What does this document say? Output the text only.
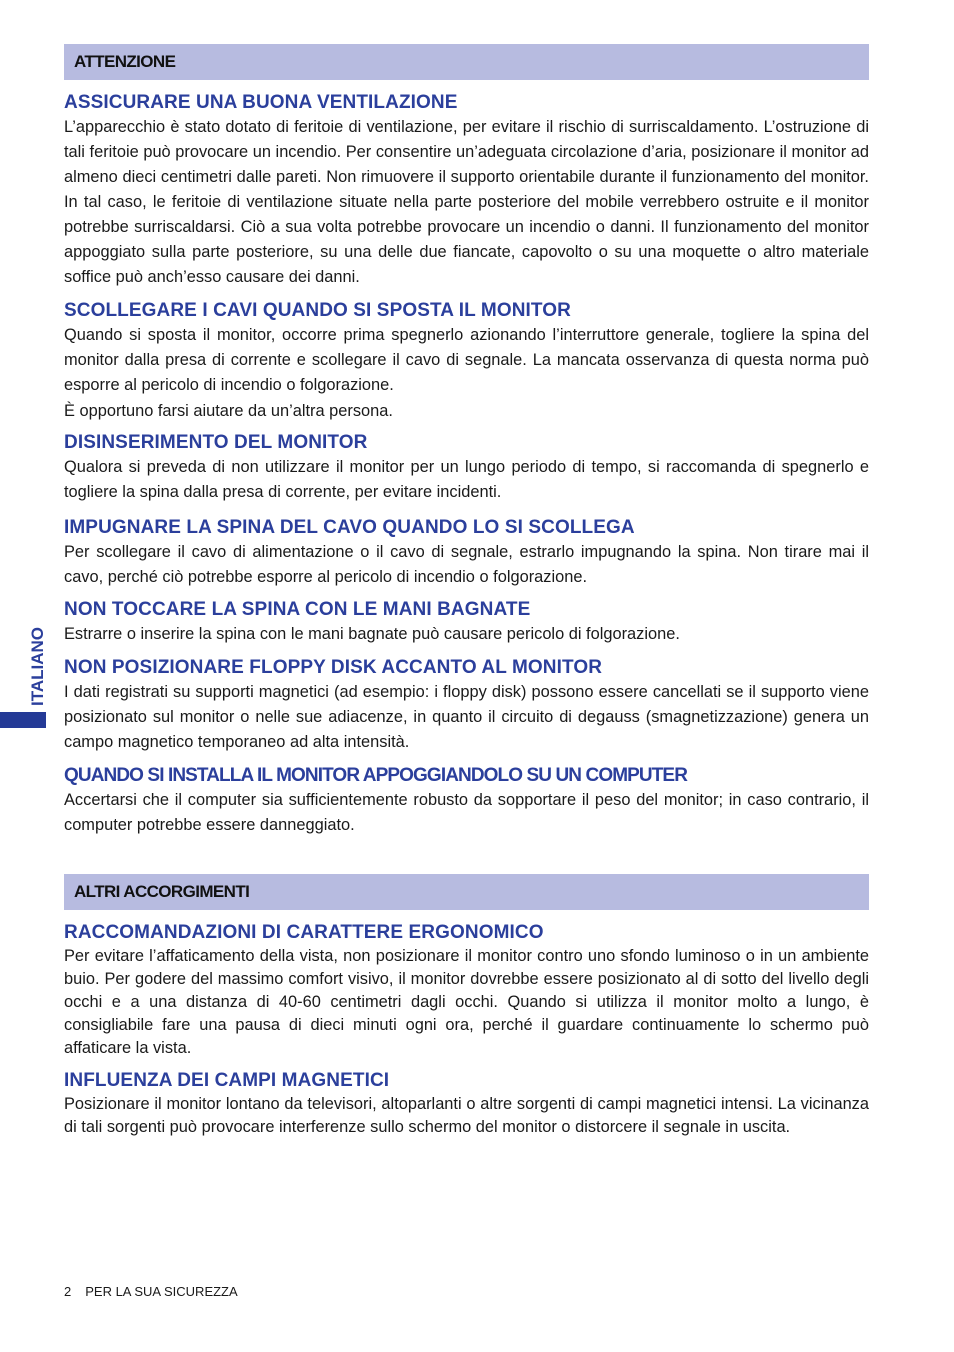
ITALIANO
ATTENZIONE
ASSICURARE UNA BUONA VENTILAZIONE

L’apparecchio è stato dotato di feritoie di ventilazione, per evitare il rischio di surriscaldamento. L’ostruzione di tali feritoie può provocare un incendio. Per consentire un’adeguata circolazione d’aria, posizionare il monitor ad almeno dieci centimetri dalle pareti. Non rimuovere il supporto orientabile durante il funzionamento del monitor. In tal caso, le feritoie di ventilazione situate nella parte posteriore del mobile verrebbero ostruite e il monitor potrebbe surriscaldarsi. Ciò a sua volta potrebbe provocare un incendio o danni. Il funzionamento del monitor appoggiato sulla parte posteriore, su una delle due fiancate, capovolto o su una moquette o altro materiale soffice può anch’esso causare dei danni.

SCOLLEGARE I CAVI QUANDO SI SPOSTA IL MONITOR

Quando si sposta il monitor, occorre prima spegnerlo azionando l’interruttore generale, togliere la spina del monitor dalla presa di corrente e scollegare il cavo di segnale. La mancata osservanza di questa norma può esporre al pericolo di incendio o folgorazione.

È opportuno farsi aiutare da un’altra persona.

DISINSERIMENTO DEL MONITOR

Qualora si preveda di non utilizzare il monitor per un lungo periodo di tempo, si raccomanda di spegnerlo e togliere la spina dalla presa di corrente, per evitare incidenti.

IMPUGNARE LA SPINA DEL CAVO QUANDO LO SI SCOLLEGA

Per scollegare il cavo di alimentazione o il cavo di segnale, estrarlo impugnando la spina. Non tirare mai il cavo, perché ciò potrebbe esporre al pericolo di incendio o folgorazione.

NON TOCCARE LA SPINA CON LE MANI BAGNATE

Estrarre o inserire la spina con le mani bagnate può causare pericolo di folgorazione.

NON POSIZIONARE FLOPPY DISK ACCANTO AL MONITOR

I dati registrati su supporti magnetici (ad esempio: i floppy disk) possono essere cancellati se il supporto viene posizionato sul monitor o nelle sue adiacenze, in quanto il circuito di degauss (smagnetizzazione) genera un campo magnetico temporaneo ad alta intensità.

QUANDO SI INSTALLA IL MONITOR APPOGGIANDOLO SU UN COMPUTER

Accertarsi che il computer sia sufficientemente robusto da sopportare il peso del monitor; in caso contrario, il computer potrebbe essere danneggiato.

ALTRI ACCORGIMENTI
RACCOMANDAZIONI DI CARATTERE ERGONOMICO

Per evitare l’affaticamento della vista, non posizionare il monitor contro uno sfondo luminoso o in un ambiente buio. Per godere del massimo comfort visivo, il monitor dovrebbe essere posizionato al di sotto del livello degli occhi e a una distanza di 40-60 centimetri dagli occhi. Quando si utilizza il monitor molto a lungo, è consigliabile fare una pausa di dieci minuti ogni ora, perché il guardare continuamente lo schermo può affaticare la vista.

INFLUENZA DEI CAMPI MAGNETICI

Posizionare il monitor lontano da televisori, altoparlanti o altre sorgenti di campi magnetici intensi. La vicinanza di tali sorgenti può provocare interferenze sullo schermo del monitor o distorcere il segnale in uscita.

2 PER LA SUA SICUREZZA
